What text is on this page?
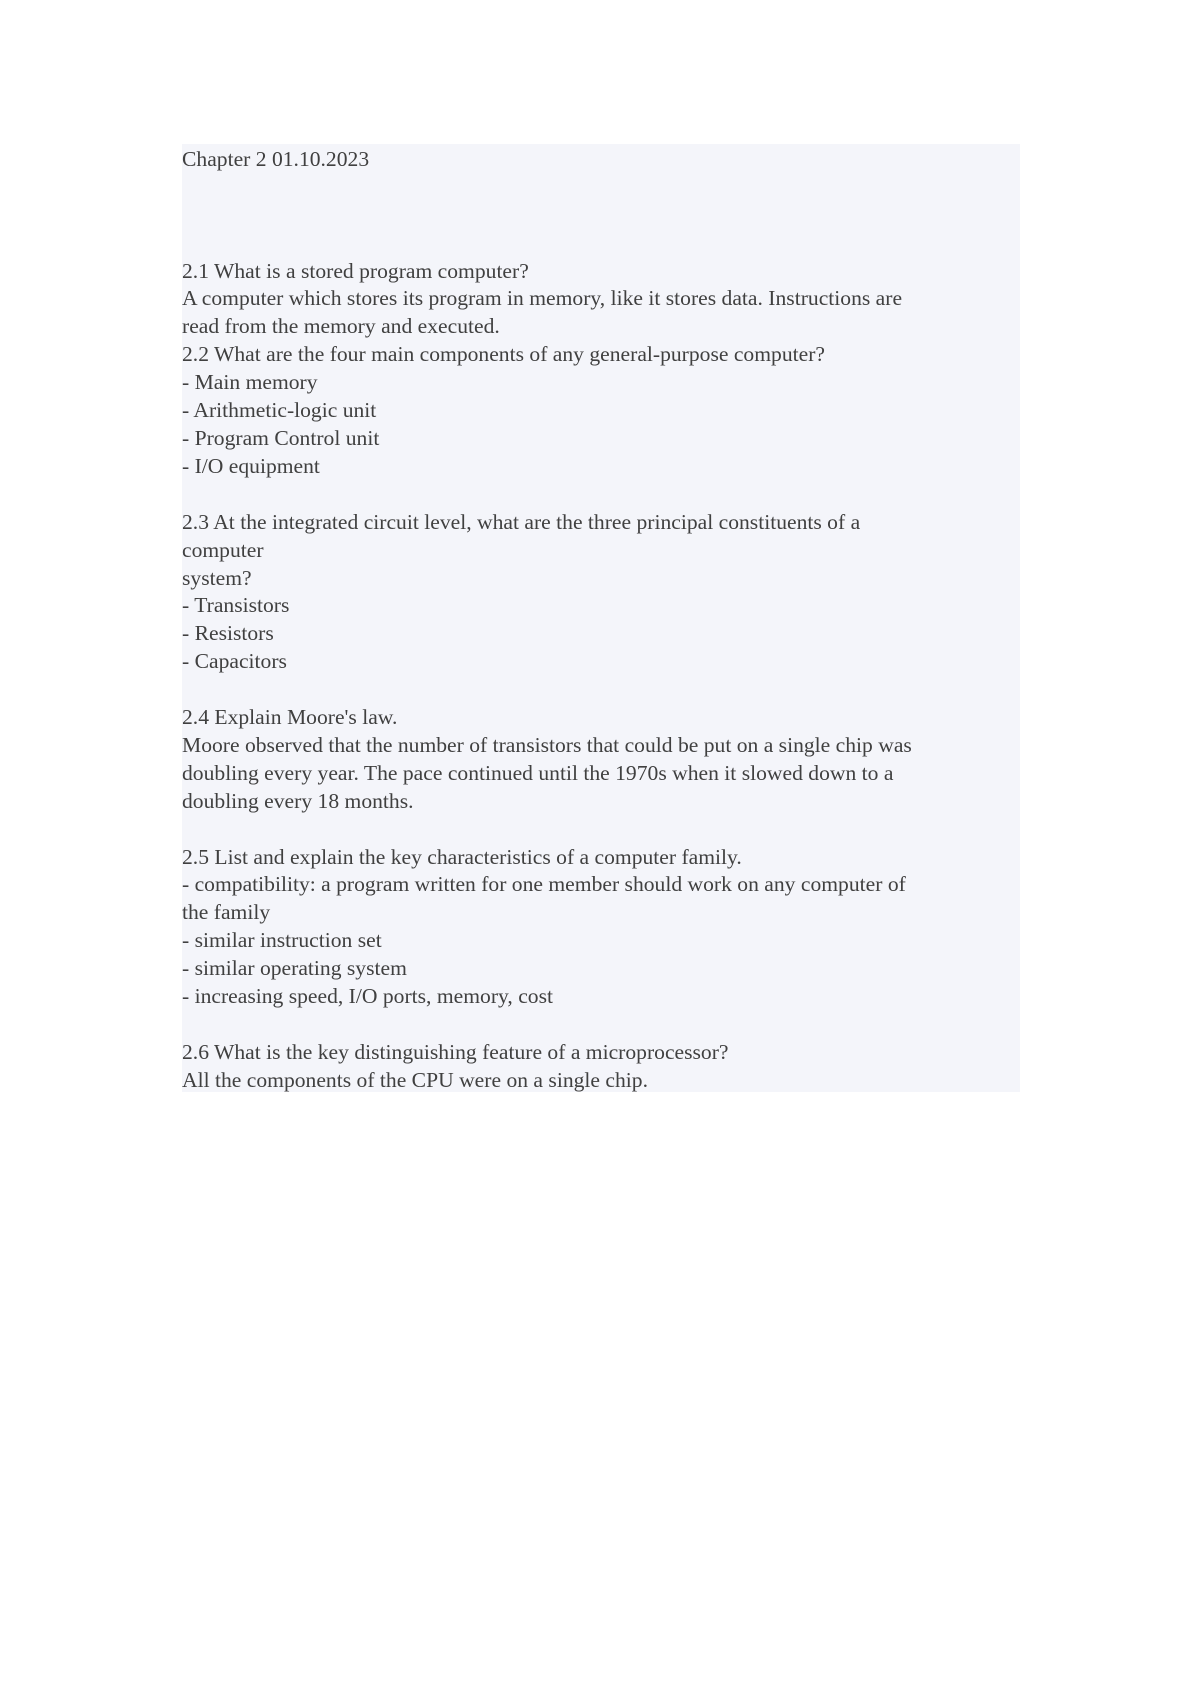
Chapter 2 01.10.2023
2.1 What is a stored program computer?
A computer which stores its program in memory, like it stores data. Instructions are
read from the memory and executed.
2.2 What are the four main components of any general-purpose computer?
- Main memory
- Arithmetic-logic unit
- Program Control unit
- I/O equipment
2.3 At the integrated circuit level, what are the three principal constituents of a
computer
system?
- Transistors
- Resistors
- Capacitors
2.4 Explain Moore's law.
Moore observed that the number of transistors that could be put on a single chip was
doubling every year. The pace continued until the 1970s when it slowed down to a
doubling every 18 months.
2.5 List and explain the key characteristics of a computer family.
- compatibility: a program written for one member should work on any computer of
the family
- similar instruction set
- similar operating system
- increasing speed, I/O ports, memory, cost
2.6 What is the key distinguishing feature of a microprocessor?
All the components of the CPU were on a single chip.
